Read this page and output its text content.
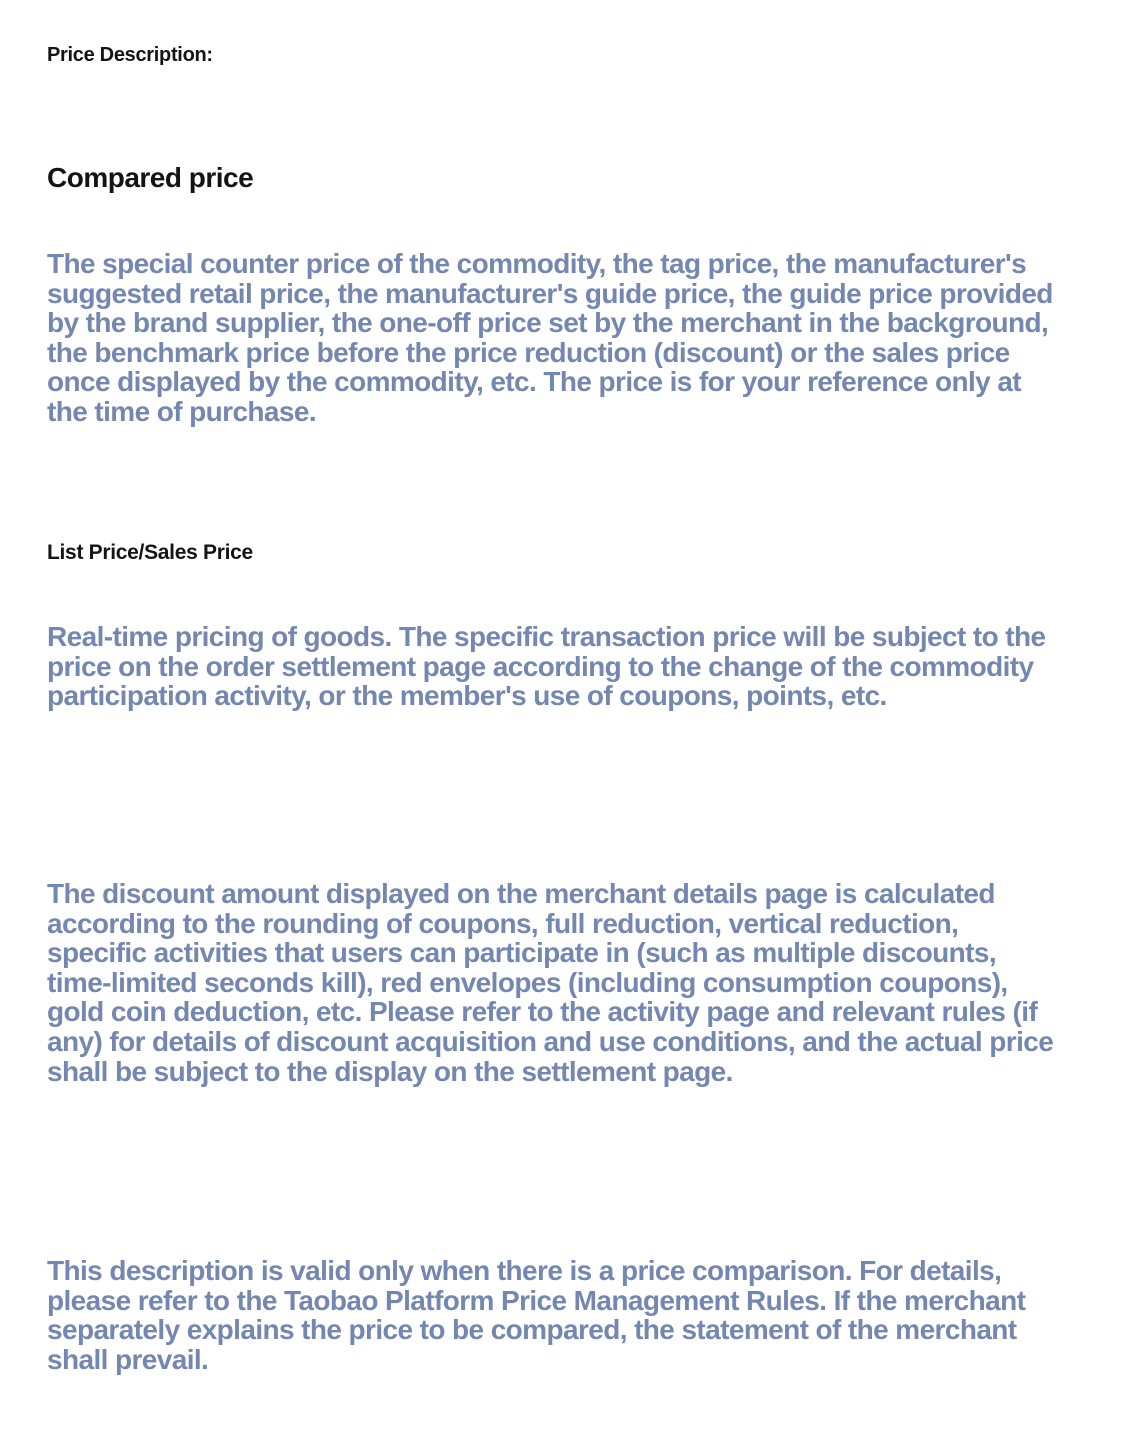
Price Description:
Compared price

The special counter price of the commodity, the tag price, the manufacturer's suggested retail price, the manufacturer's guide price, the guide price provided by the brand supplier, the one-off price set by the merchant in the background, the benchmark price before the price reduction (discount) or the sales price once displayed by the commodity, etc. The price is for your reference only at the time of purchase.

List Price/Sales Price

Real-time pricing of goods. The specific transaction price will be subject to the price on the order settlement page according to the change of the commodity participation activity, or the member's use of coupons, points, etc.

The discount amount displayed on the merchant details page is calculated according to the rounding of coupons, full reduction, vertical reduction, specific activities that users can participate in (such as multiple discounts, time-limited seconds kill), red envelopes (including consumption coupons), gold coin deduction, etc. Please refer to the activity page and relevant rules (if any) for details of discount acquisition and use conditions, and the actual price shall be subject to the display on the settlement page.

This description is valid only when there is a price comparison. For details, please refer to the Taobao Platform Price Management Rules. If the merchant separately explains the price to be compared, the statement of the merchant shall prevail.
